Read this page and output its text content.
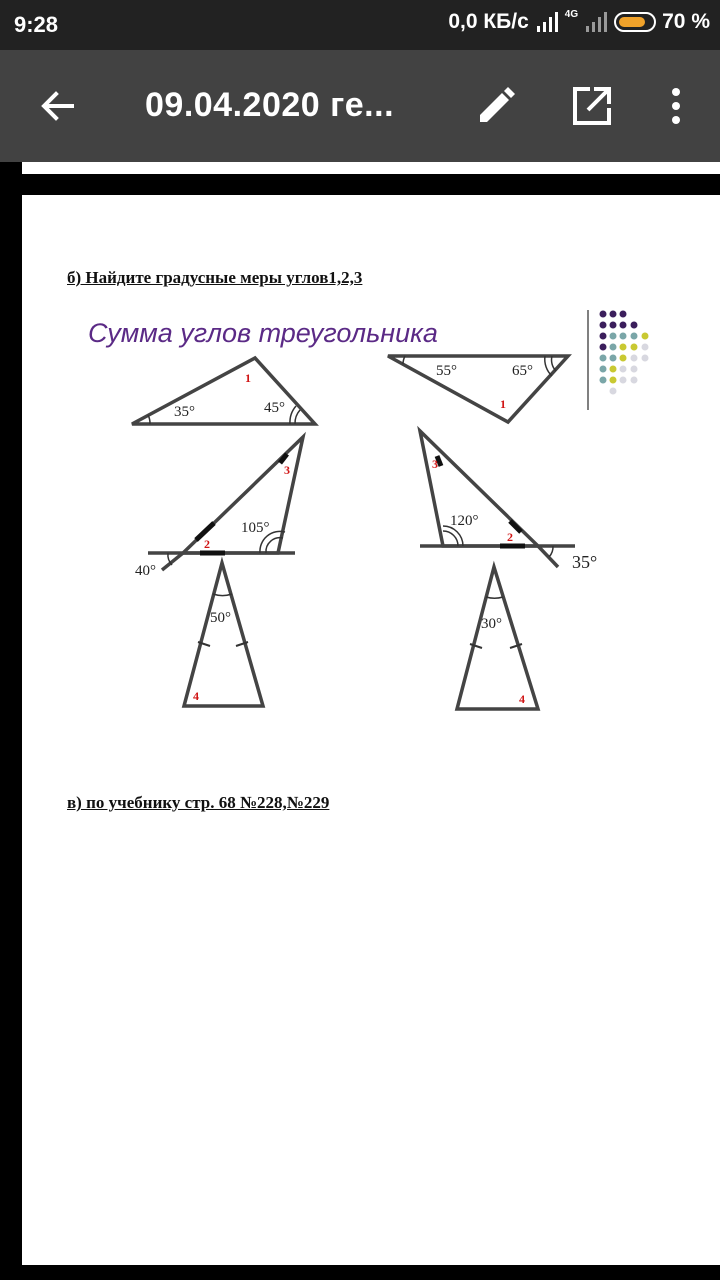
9:28	0,0 КБ/с	4G	70 %
09.04.2020 ге...
б) Найдите градусные меры углов1,2,3
Сумма углов треугольника
35°	45°
55°	65°
105°
40°
120°
35°
50°	30°
1
1
2
3	3
2
4	4
в) по учебнику стр. 68 №228,№229
